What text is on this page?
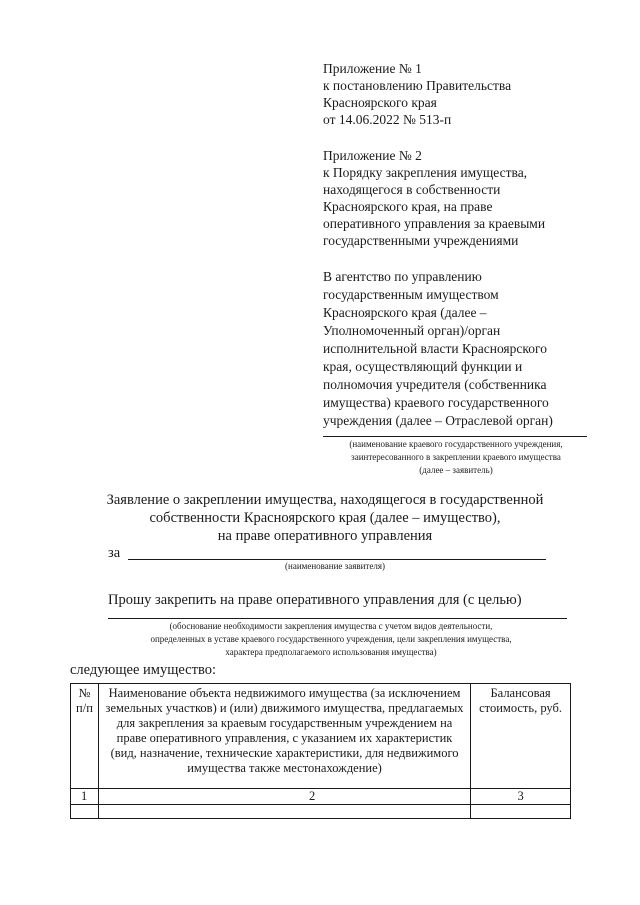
Приложение № 1
к постановлению Правительства
Красноярского края
от 14.06.2022 № 513-п
Приложение № 2
к Порядку закрепления имущества,
находящегося в собственности
Красноярского края, на праве
оперативного управления за краевыми
государственными учреждениями
В агентство по управлению
государственным имуществом
Красноярского края (далее –
Уполномоченный орган)/орган
исполнительной власти Красноярского
края, осуществляющий функции и
полномочия учредителя (собственника
имущества) краевого государственного
учреждения (далее – Отраслевой орган)
(наименование краевого государственного учреждения,
заинтересованного в закреплении краевого имущества
(далее – заявитель)
Заявление о закреплении имущества, находящегося в государственной
собственности Красноярского края (далее – имущество),
на праве оперативного управления
за
(наименование заявителя)
Прошу закрепить на праве оперативного управления для (с целью)
(обоснование необходимости закрепления имущества с учетом видов деятельности,
определенных в уставе краевого государственного учреждения, цели закрепления имущества,
характера предполагаемого использования имущества)
следующее имущество:
№ п/п	Наименование объекта недвижимого имущества (за исключением земельных участков) и (или) движимого имущества, предлагаемых для закрепления за краевым государственным учреждением на праве оперативного управления, с указанием их характеристик (вид, назначение, технические характеристики, для недвижимого имущества также местонахождение)	Балансовая стоимость, руб.
1	2	3
